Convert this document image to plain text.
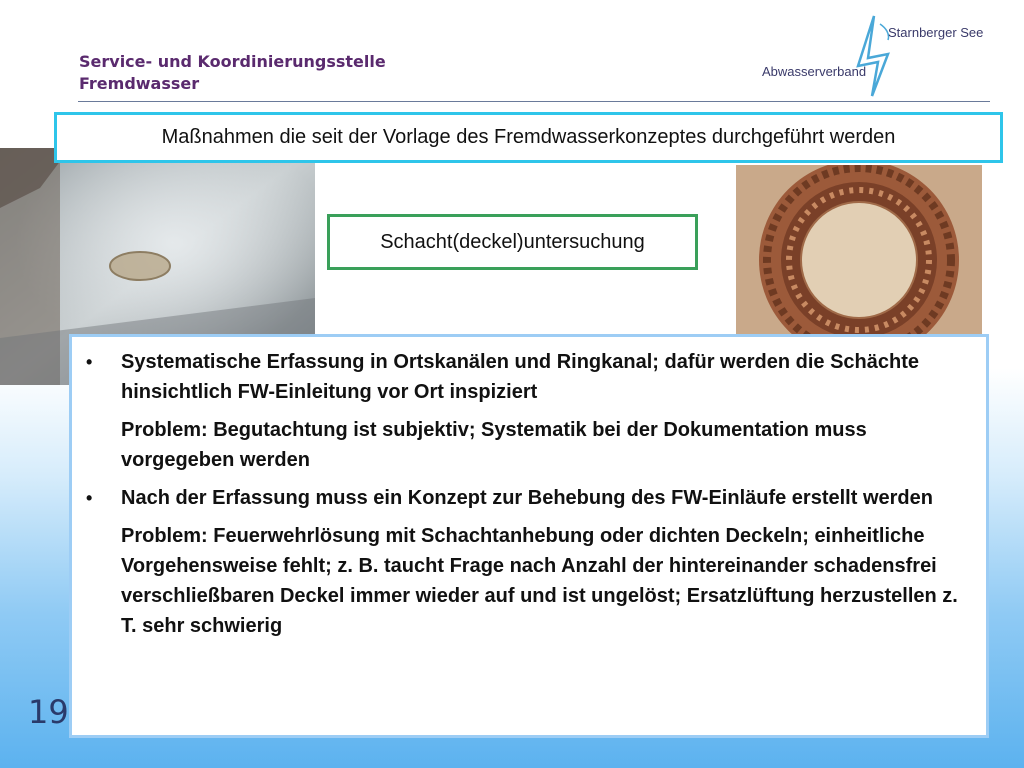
Service- und Koordinierungsstelle
Fremdwasser
Starnberger See
Abwasserverband
Maßnahmen die seit der Vorlage des Fremdwasserkonzeptes durchgeführt werden
Schacht(deckel)untersuchung
19
•	Systematische Erfassung in Ortskanälen und Ringkanal; dafür werden die Schächte hinsichtlich FW-Einleitung vor Ort inspiziert
Problem: Begutachtung ist subjektiv; Systematik bei der Dokumentation muss vorgegeben werden
•	Nach der Erfassung muss ein Konzept zur Behebung des FW-Einläufe erstellt werden
Problem: Feuerwehrlösung mit Schachtanhebung oder dichten Deckeln; einheitliche Vorgehensweise fehlt; z. B. taucht Frage nach Anzahl der hintereinander schadensfrei verschließbaren Deckel immer wieder auf und ist ungelöst; Ersatzlüftung herzustellen z. T. sehr schwierig
